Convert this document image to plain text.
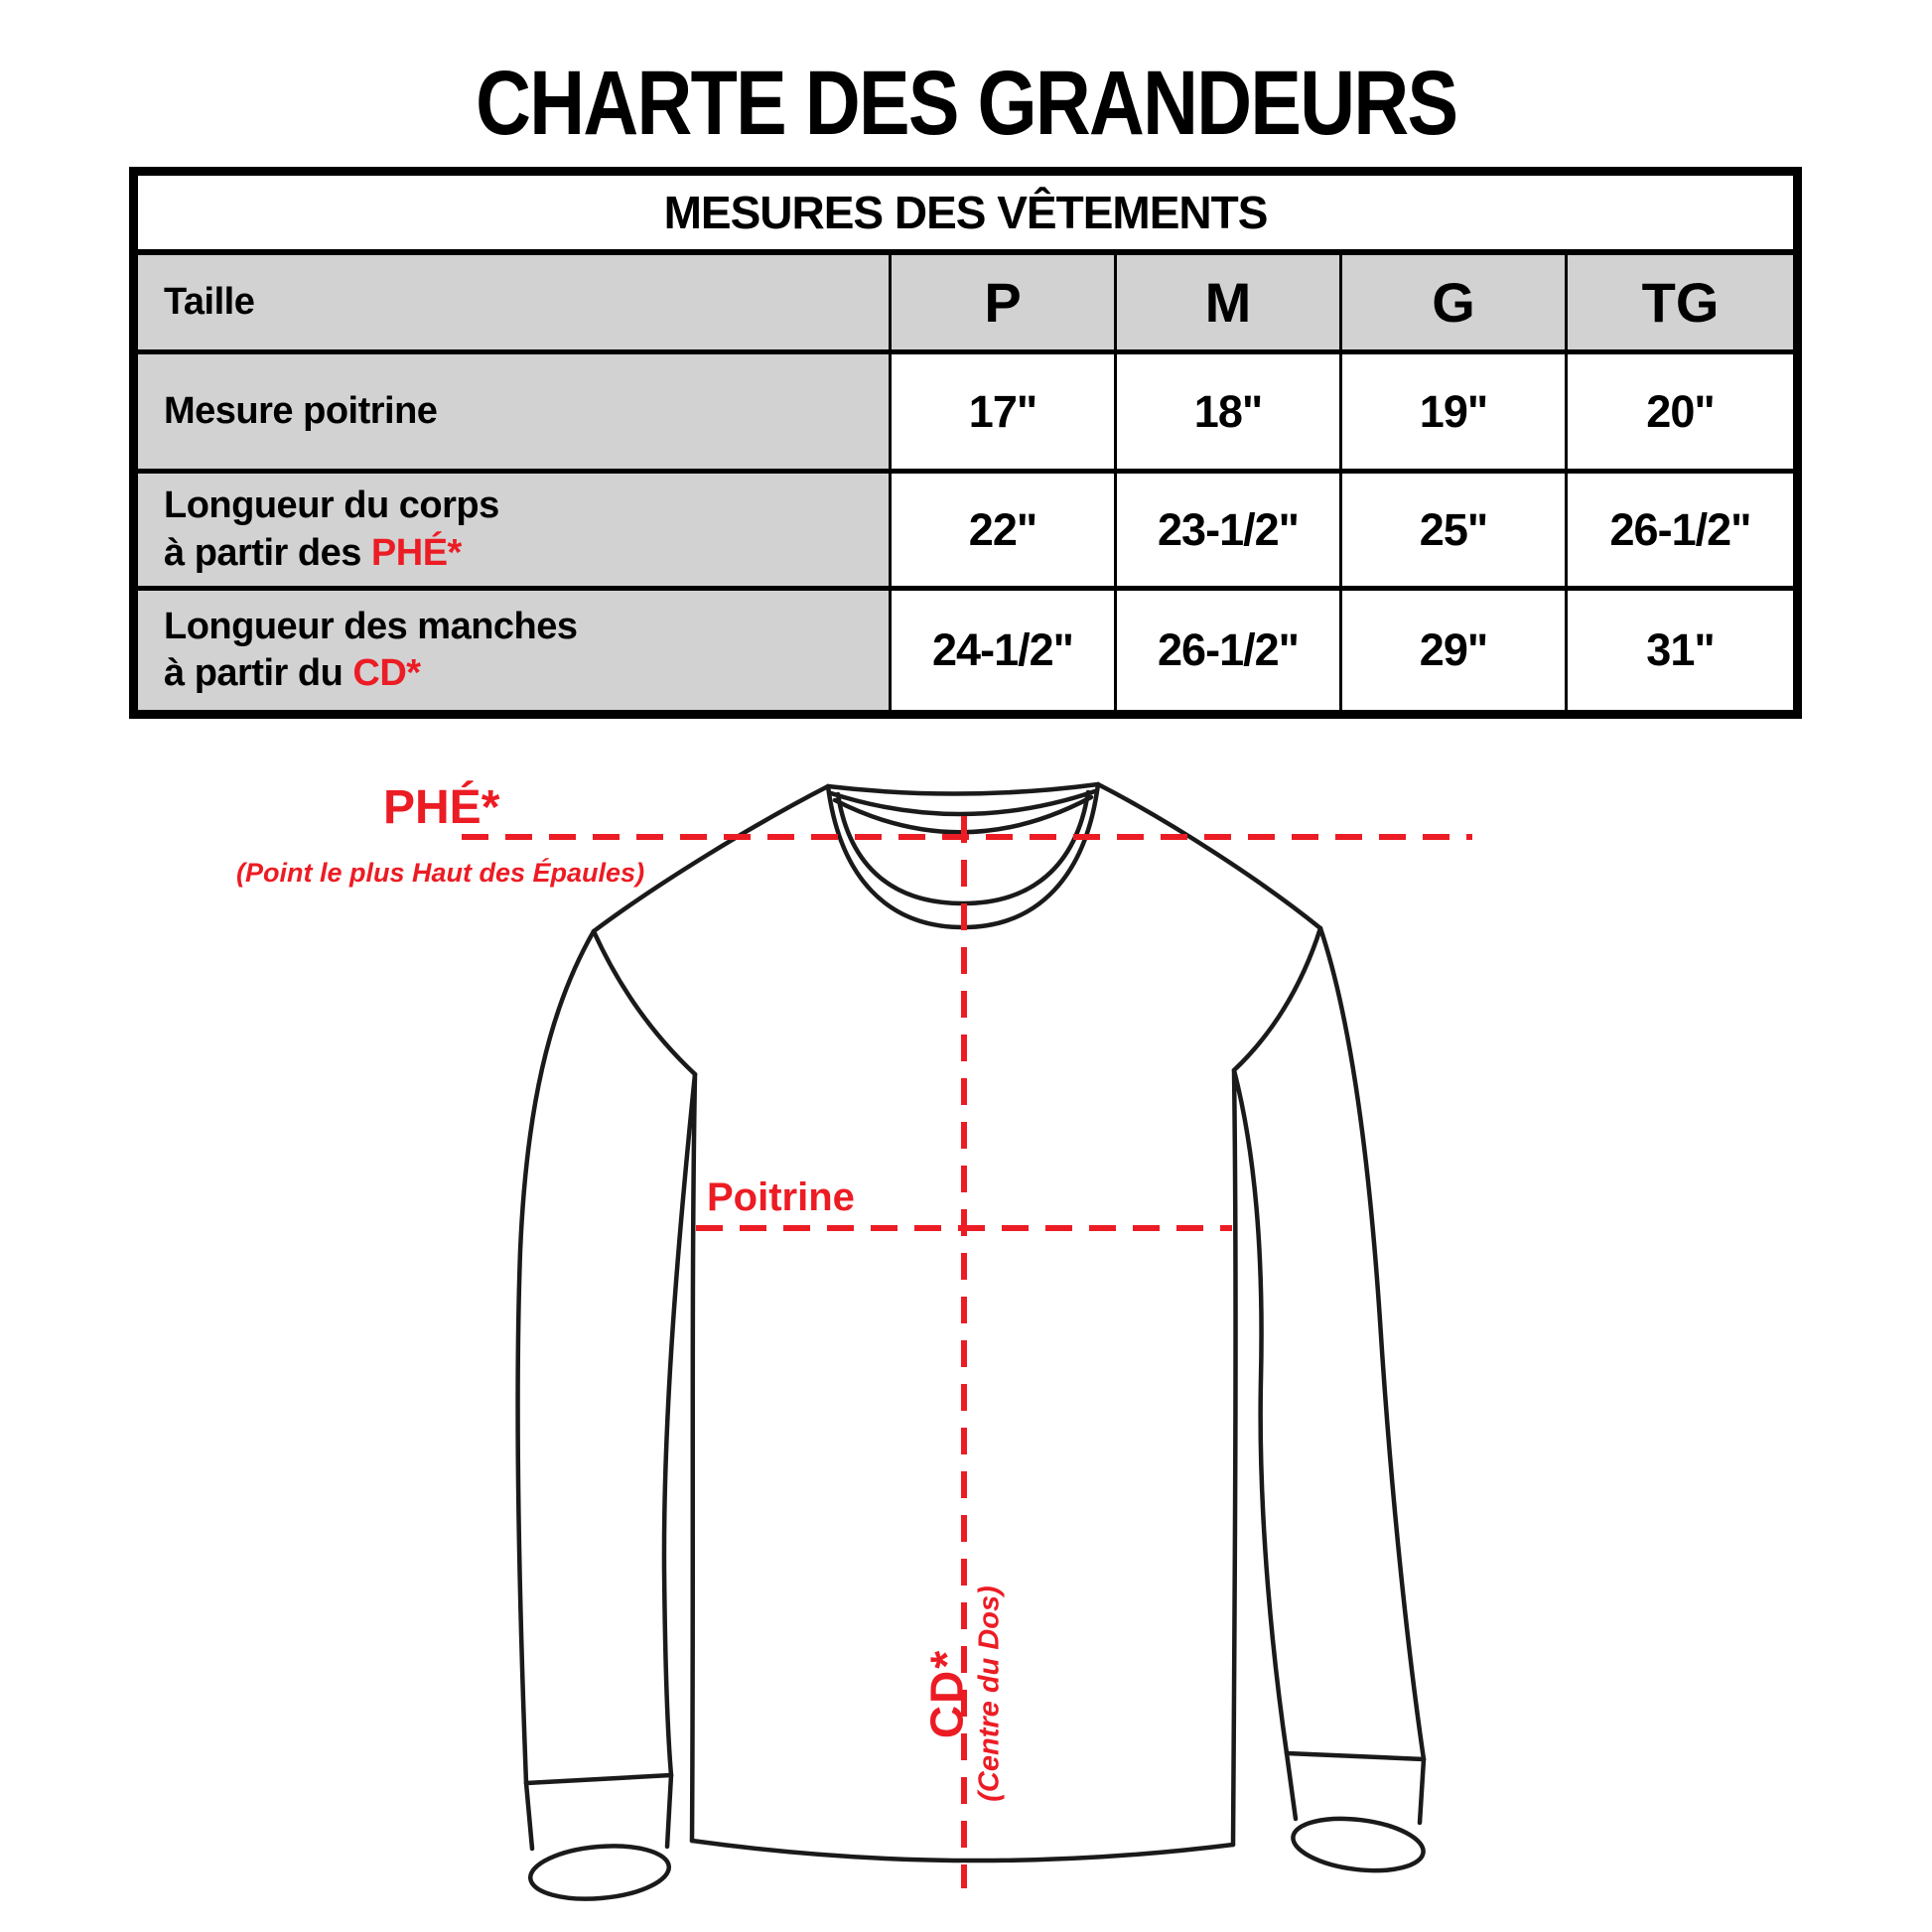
CHARTE DES GRANDEURS
MESURES DES VÊTEMENTS
Taille	P	M	G	TG
Mesure poitrine	17"	18"	19"	20"
Longueur du corps
à partir des PHÉ*	22"	23-1/2"	25"	26-1/2"
Longueur des manches
à partir du CD*	24-1/2"	26-1/2"	29"	31"
PHÉ*
(Point le plus Haut des Épaules)
Poitrine
CD* (Centre du Dos)
